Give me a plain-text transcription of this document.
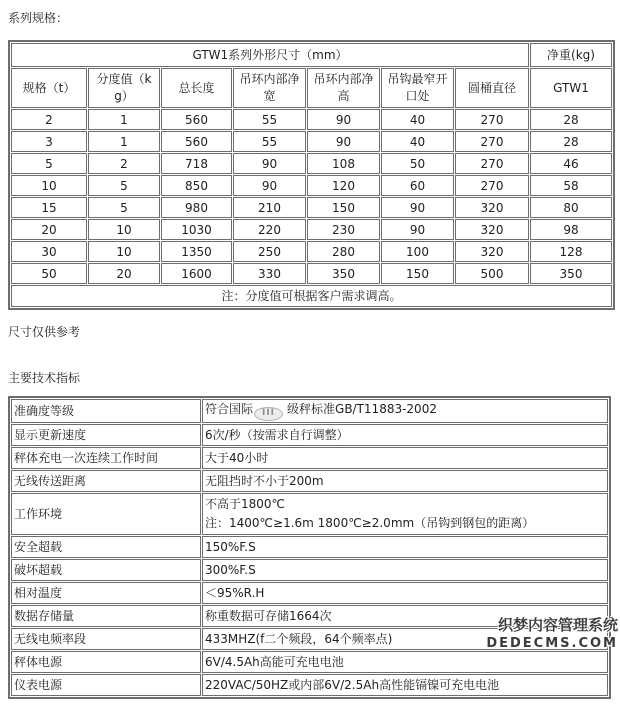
系列规格：
GTW1系列外形尺寸（mm）							净重(kg)
规格（t）	分度值（kg）	总长度	吊环内部净宽	吊环内部净高	吊钩最窄开口处	圆桶直径	GTW1
2	1	560	55	90	40	270	28
3	1	560	55	90	40	270	28
5	2	718	90	108	50	270	46
10	5	850	90	120	60	270	58
15	5	980	210	150	90	320	80
20	10	1030	220	230	90	320	98
30	10	1350	250	280	100	320	128
50	20	1600	330	350	150	500	350
注：分度值可根据客户需求调高。							
尺寸仅供参考
主要技术指标
准确度等级	符合国际 III 级秤标准GB/T11883-2002
显示更新速度	6次/秒（按需求自行调整）
秤体充电一次连续工作时间	大于40小时
无线传送距离	无阻挡时不小于200m
工作环境	不高于1800℃
注：1400℃≥1.6m 1800℃≥2.0mm（吊钩到钢包的距离）

安全超载	150%F.S
破坏超载	300%F.S
相对温度	＜95%R.H
数据存储量	称重数据可存储1664次
无线电频率段	433MHZ(f二个频段，64个频率点)
秤体电源	6V/4.5Ah高能可充电电池
仪表电源	220VAC/50HZ或内部6V/2.5Ah高性能镉镍可充电电池
织梦内容管理系统
DEDECMS.COM
